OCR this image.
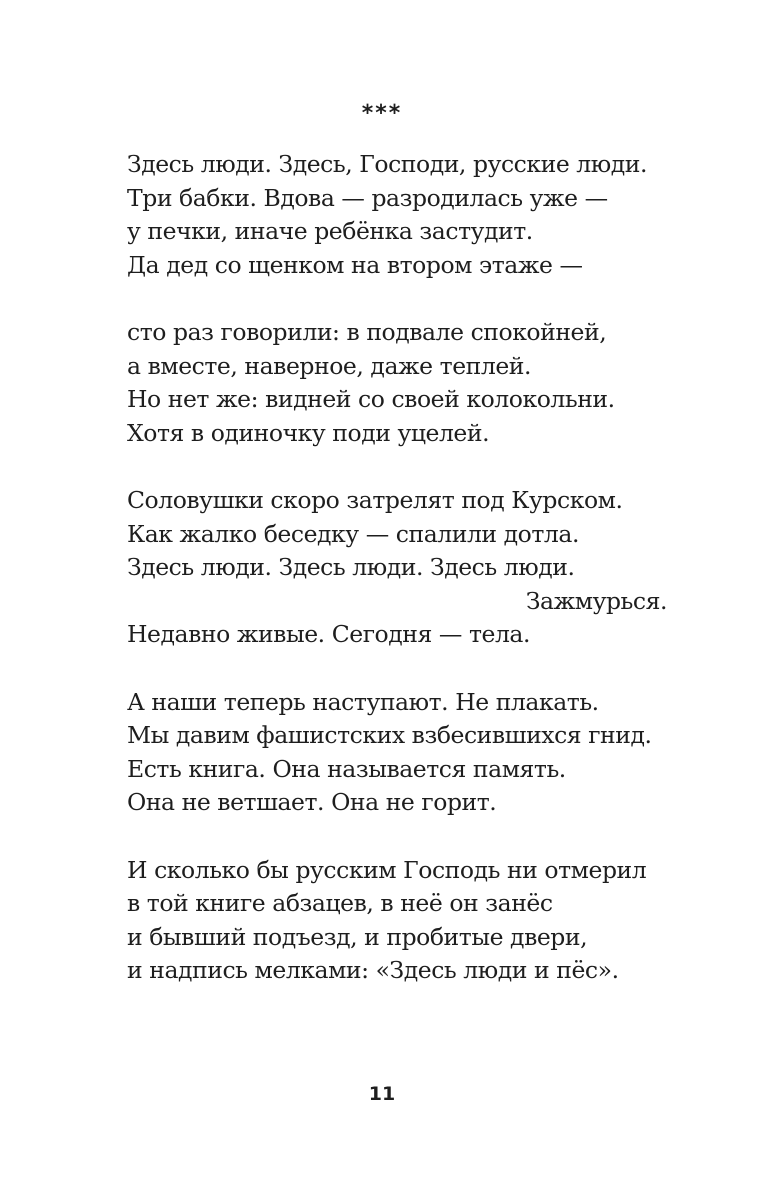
***
Здесь люди. Здесь, Господи, русские люди.
Три бабки. Вдова — разродилась уже —
у печки, иначе ребёнка застудит.
Да дед со щенком на втором этаже —
сто раз говорили: в подвале спокойней,
а вместе, наверное, даже теплей.
Но нет же: видней со своей колокольни.
Хотя в одиночку поди уцелей.
Соловушки скоро затрелят под Курском.
Как жалко беседку — спалили дотла.
Здесь люди. Здесь люди. Здесь люди.
Зажмурься.
Недавно живые. Сегодня — тела.
А наши теперь наступают. Не плакать.
Мы давим фашистских взбесившихся гнид.
Есть книга. Она называется память.
Она не ветшает. Она не горит.
И сколько бы русским Господь ни отмерил
в той книге абзацев, в неё он занёс
и бывший подъезд, и пробитые двери,
и надпись мелками: «Здесь люди и пёс».
11
